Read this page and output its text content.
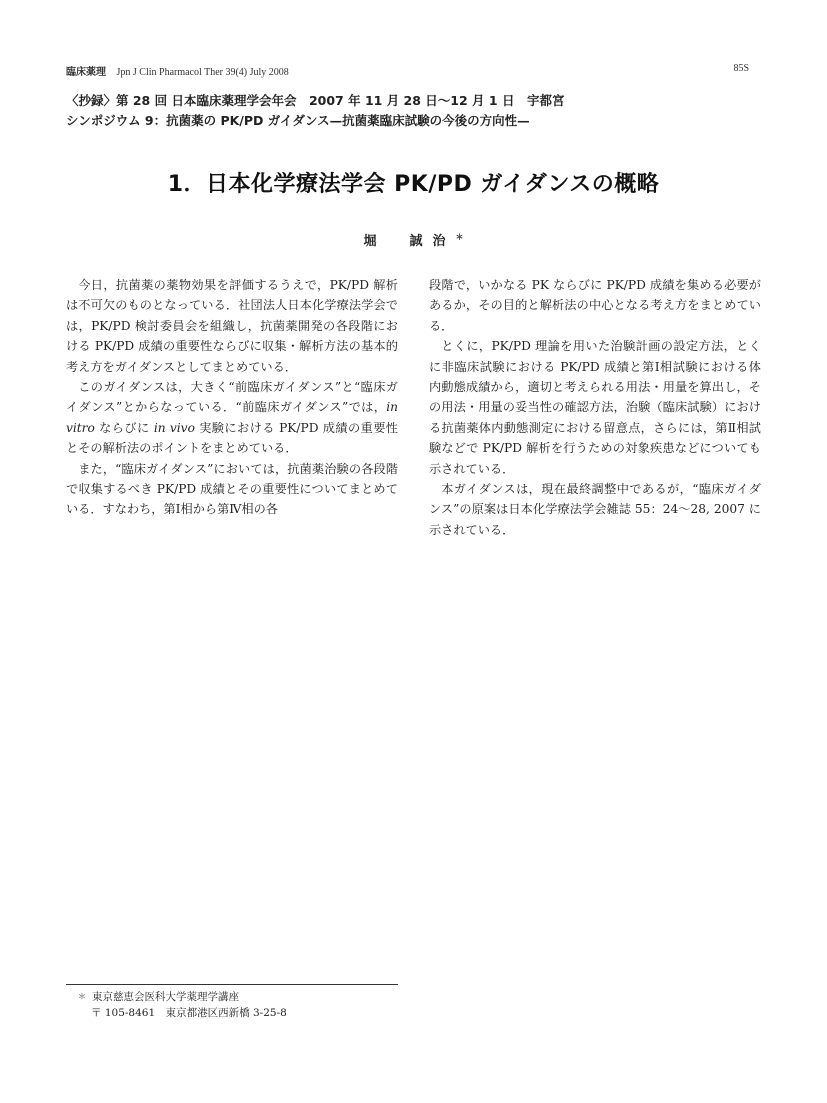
臨床薬理 Jpn J Clin Pharmacol Ther 39(4) July 2008	85S
〈抄録〉第 28 回 日本臨床薬理学会年会　2007 年 11 月 28 日〜12 月 1 日　宇都宮
シンポジウム 9：抗菌薬の PK/PD ガイダンス—抗菌薬臨床試験の今後の方向性—
1．日本化学療法学会 PK/PD ガイダンスの概略
堀　誠治＊

今日，抗菌薬の薬物効果を評価するうえで，PK/PD 解析は不可欠のものとなっている．社団法人日本化学療法学会では，PK/PD 検討委員会を組織し，抗菌薬開発の各段階における PK/PD 成績の重要性ならびに収集・解析方法の基本的考え方をガイダンスとしてまとめている．

このガイダンスは，大きく“前臨床ガイダンス”と“臨床ガイダンス”とからなっている．“前臨床ガイダンス”では，in vitro ならびに in vivo 実験における PK/PD 成績の重要性とその解析法のポイントをまとめている．

また，“臨床ガイダンス”においては，抗菌薬治験の各段階で収集するべき PK/PD 成績とその重要性についてまとめている．すなわち，第Ⅰ相から第Ⅳ相の各

段階で，いかなる PK ならびに PK/PD 成績を集める必要があるか，その目的と解析法の中心となる考え方をまとめている．

とくに，PK/PD 理論を用いた治験計画の設定方法，とくに非臨床試験における PK/PD 成績と第Ⅰ相試験における体内動態成績から，適切と考えられる用法・用量を算出し，その用法・用量の妥当性の確認方法，治験（臨床試験）における抗菌薬体内動態測定における留意点，さらには，第Ⅱ相試験などで PK/PD 解析を行うための対象疾患などについても示されている．

本ガイダンスは，現在最終調整中であるが，“臨床ガイダンス”の原案は日本化学療法学会雑誌 55：24〜28, 2007 に示されている．

＊ 東京慈恵会医科大学薬理学講座
〒 105-8461　東京都港区西新橋 3-25-8
